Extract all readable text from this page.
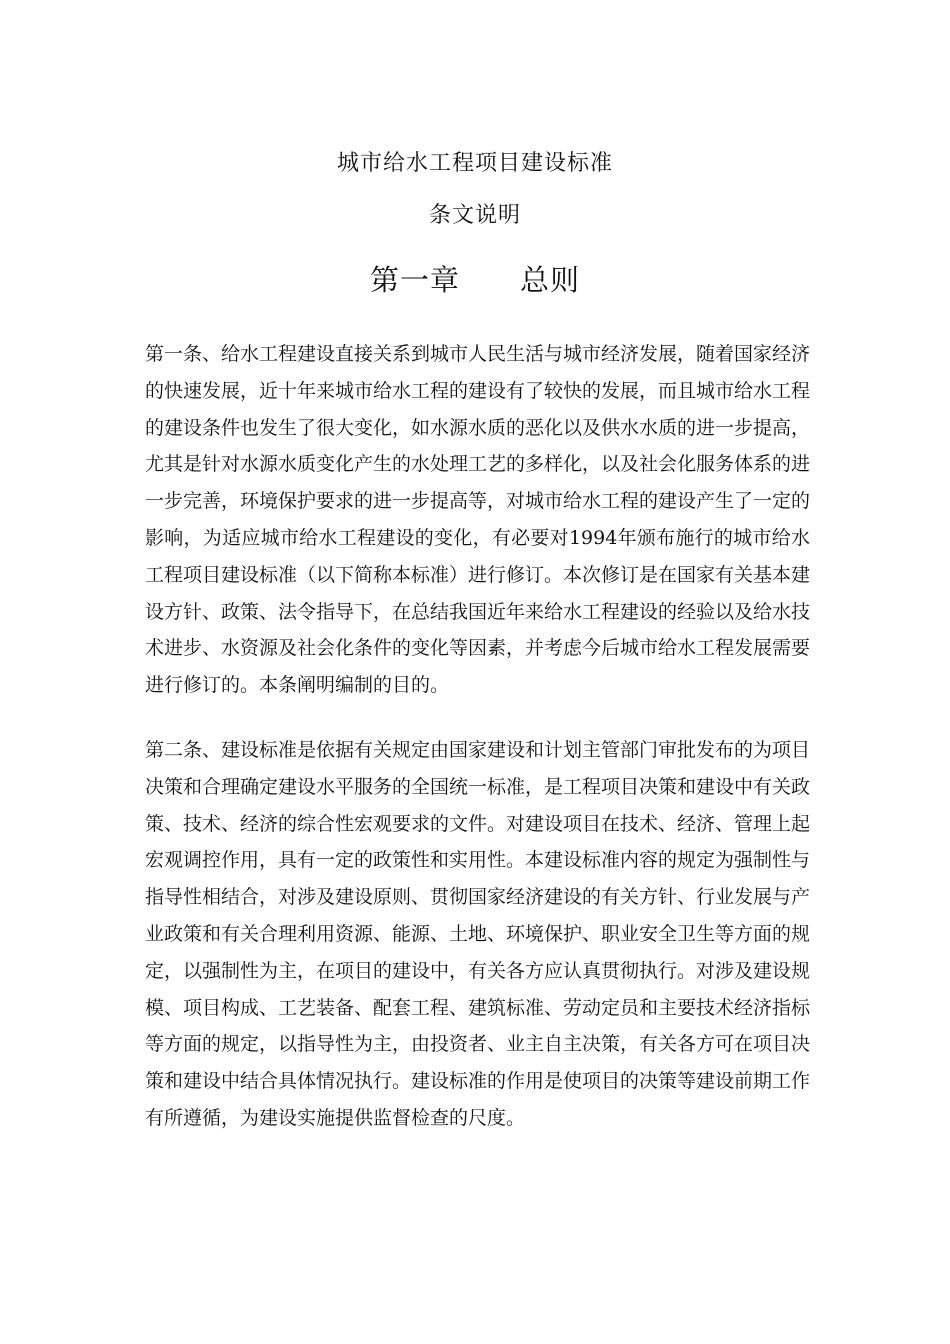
城市给水工程项目建设标准
条文说明
第一章 总则

第一条、给水工程建设直接关系到城市人民生活与城市经济发展，随着国家经济的快速发展，近十年来城市给水工程的建设有了较快的发展，而且城市给水工程的建设条件也发生了很大变化，如水源水质的恶化以及供水水质的进一步提高，尤其是针对水源水质变化产生的水处理工艺的多样化，以及社会化服务体系的进一步完善，环境保护要求的进一步提高等，对城市给水工程的建设产生了一定的影响，为适应城市给水工程建设的变化，有必要对1994年颁布施行的城市给水工程项目建设标准（以下简称本标准）进行修订。本次修订是在国家有关基本建设方针、政策、法令指导下，在总结我国近年来给水工程建设的经验以及给水技术进步、水资源及社会化条件的变化等因素，并考虑今后城市给水工程发展需要进行修订的。本条阐明编制的目的。

第二条、建设标准是依据有关规定由国家建设和计划主管部门审批发布的为项目决策和合理确定建设水平服务的全国统一标准，是工程项目决策和建设中有关政策、技术、经济的综合性宏观要求的文件。对建设项目在技术、经济、管理上起宏观调控作用，具有一定的政策性和实用性。本建设标准内容的规定为强制性与指导性相结合，对涉及建设原则、贯彻国家经济建设的有关方针、行业发展与产业政策和有关合理利用资源、能源、土地、环境保护、职业安全卫生等方面的规定，以强制性为主，在项目的建设中，有关各方应认真贯彻执行。对涉及建设规模、项目构成、工艺装备、配套工程、建筑标准、劳动定员和主要技术经济指标等方面的规定，以指导性为主，由投资者、业主自主决策，有关各方可在项目决策和建设中结合具体情况执行。建设标准的作用是使项目的决策等建设前期工作有所遵循，为建设实施提供监督检查的尺度。
